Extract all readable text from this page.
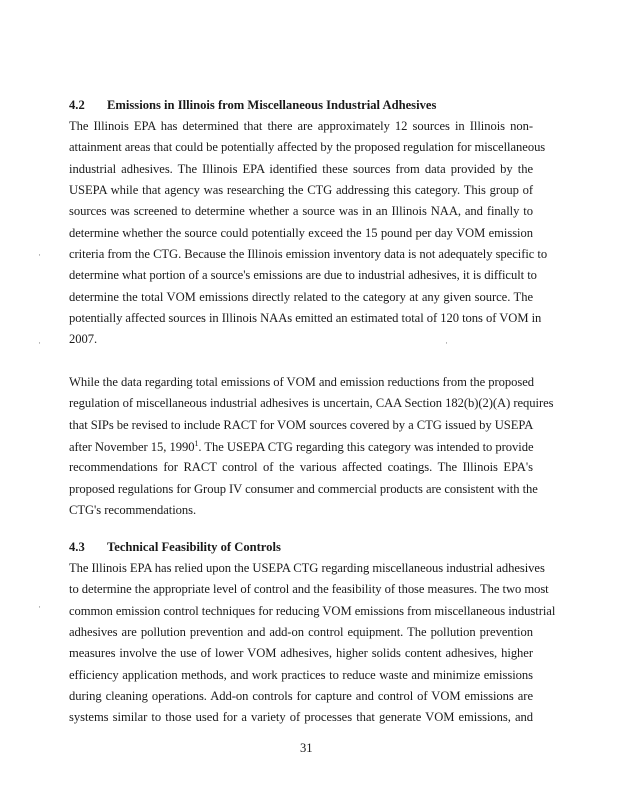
4.2 Emissions in Illinois from Miscellaneous Industrial Adhesives
The Illinois EPA has determined that there are approximately 12 sources in Illinois non-
attainment areas that could be potentially affected by the proposed regulation for miscellaneous
industrial adhesives. The Illinois EPA identified these sources from data provided by the
USEPA while that agency was researching the CTG addressing this category. This group of
sources was screened to determine whether a source was in an Illinois NAA, and finally to
determine whether the source could potentially exceed the 15 pound per day VOM emission
criteria from the CTG. Because the Illinois emission inventory data is not adequately specific to
determine what portion of a source's emissions are due to industrial adhesives, it is difficult to
determine the total VOM emissions directly related to the category at any given source. The
potentially affected sources in Illinois NAAs emitted an estimated total of 120 tons of VOM in
2007.
While the data regarding total emissions of VOM and emission reductions from the proposed
regulation of miscellaneous industrial adhesives is uncertain, CAA Section 182(b)(2)(A) requires
that SIPs be revised to include RACT for VOM sources covered by a CTG issued by USEPA
after November 15, 1990$^1$. The USEPA CTG regarding this category was intended to provide
recommendations for RACT control of the various affected coatings. The Illinois EPA's
proposed regulations for Group IV consumer and commercial products are consistent with the
CTG's recommendations.
4.3 Technical Feasibility of Controls
The Illinois EPA has relied upon the USEPA CTG regarding miscellaneous industrial adhesives
to determine the appropriate level of control and the feasibility of those measures. The two most
common emission control techniques for reducing VOM emissions from miscellaneous industrial
adhesives are pollution prevention and add-on control equipment. The pollution prevention
measures involve the use of lower VOM adhesives, higher solids content adhesives, higher
efficiency application methods, and work practices to reduce waste and minimize emissions
during cleaning operations. Add-on controls for capture and control of VOM emissions are
systems similar to those used for a variety of processes that generate VOM emissions, and
31
·
·
·
·
